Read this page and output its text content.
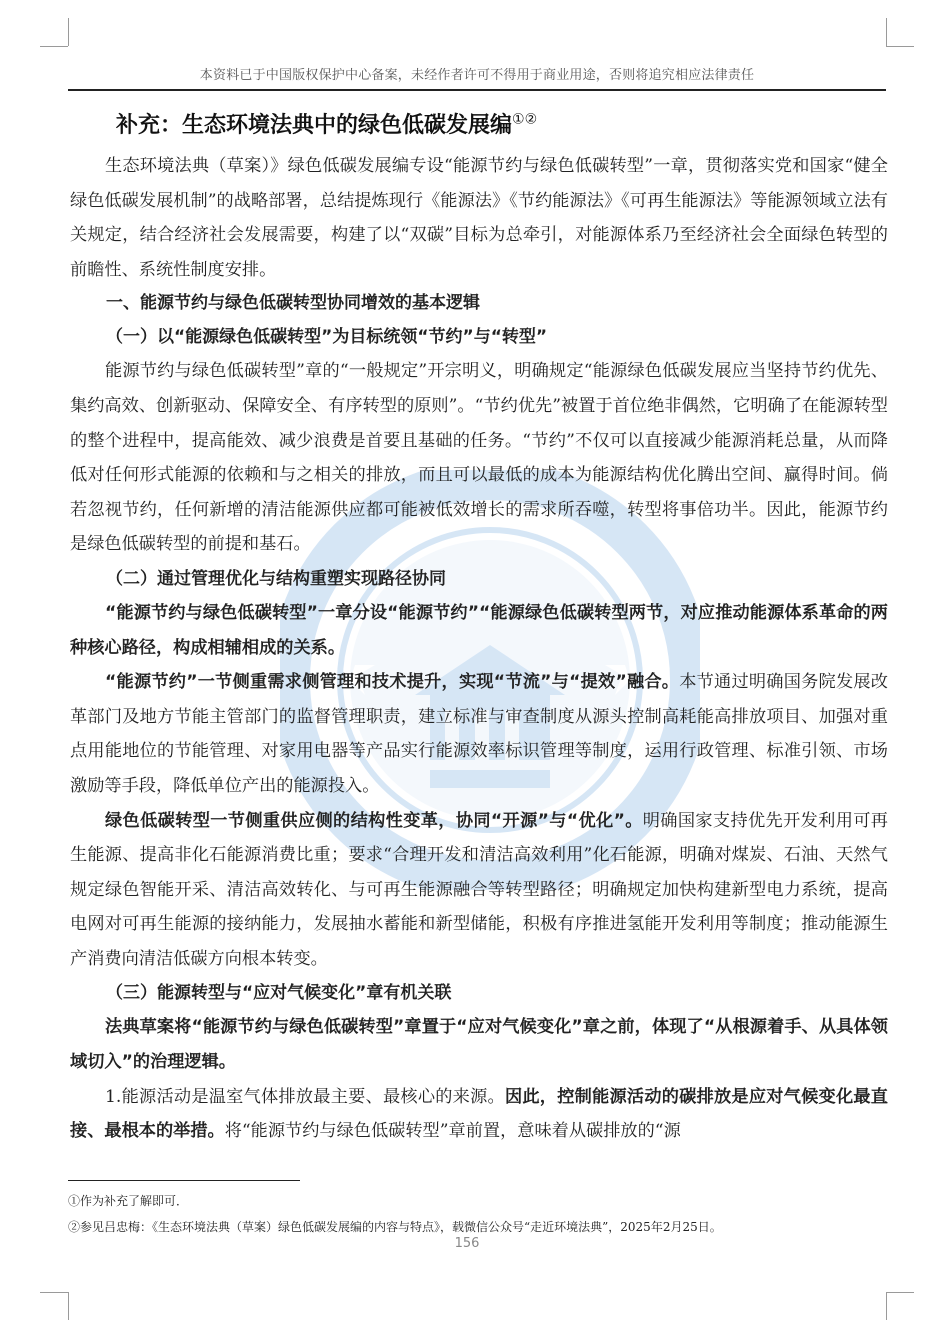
本资料已于中国版权保护中心备案，未经作者许可不得用于商业用途，否则将追究相应法律责任
补充：生态环境法典中的绿色低碳发展编①②

生态环境法典（草案）》绿色低碳发展编专设“能源节约与绿色低碳转型”一章，贯彻落实党和国家“健全绿色低碳发展机制”的战略部署，总结提炼现行《能源法》《节约能源法》《可再生能源法》等能源领域立法有关规定，结合经济社会发展需要，构建了以“双碳”目标为总牵引，对能源体系乃至经济社会全面绿色转型的前瞻性、系统性制度安排。

一、能源节约与绿色低碳转型协同增效的基本逻辑
（一）以“能源绿色低碳转型”为目标统领“节约”与“转型”

能源节约与绿色低碳转型”章的“一般规定”开宗明义，明确规定“能源绿色低碳发展应当坚持节约优先、集约高效、创新驱动、保障安全、有序转型的原则”。“节约优先”被置于首位绝非偶然，它明确了在能源转型的整个进程中，提高能效、减少浪费是首要且基础的任务。“节约”不仅可以直接减少能源消耗总量，从而降低对任何形式能源的依赖和与之相关的排放，而且可以最低的成本为能源结构优化腾出空间、赢得时间。倘若忽视节约，任何新增的清洁能源供应都可能被低效增长的需求所吞噬，转型将事倍功半。因此，能源节约是绿色低碳转型的前提和基石。

（二）通过管理优化与结构重塑实现路径协同

“能源节约与绿色低碳转型”一章分设“能源节约”“能源绿色低碳转型两节，对应推动能源体系革命的两种核心路径，构成相辅相成的关系。

“能源节约”一节侧重需求侧管理和技术提升，实现“节流”与“提效”融合。本节通过明确国务院发展改革部门及地方节能主管部门的监督管理职责，建立标准与审查制度从源头控制高耗能高排放项目、加强对重点用能地位的节能管理、对家用电器等产品实行能源效率标识管理等制度，运用行政管理、标准引领、市场激励等手段，降低单位产出的能源投入。

绿色低碳转型一节侧重供应侧的结构性变革，协同“开源”与“优化”。明确国家支持优先开发利用可再生能源、提高非化石能源消费比重；要求“合理开发和清洁高效利用”化石能源，明确对煤炭、石油、天然气规定绿色智能开采、清洁高效转化、与可再生能源融合等转型路径；明确规定加快构建新型电力系统，提高电网对可再生能源的接纳能力，发展抽水蓄能和新型储能，积极有序推进氢能开发利用等制度；推动能源生产消费向清洁低碳方向根本转变。

（三）能源转型与“应对气候变化”章有机关联

法典草案将“能源节约与绿色低碳转型”章置于“应对气候变化”章之前，体现了“从根源着手、从具体领域切入”的治理逻辑。

1.能源活动是温室气体排放最主要、最核心的来源。因此，控制能源活动的碳排放是应对气候变化最直接、最根本的举措。将“能源节约与绿色低碳转型”章前置，意味着从碳排放的“源

①作为补充了解即可．
②参见吕忠梅：《生态环境法典（草案）绿色低碳发展编的内容与特点》，载微信公众号“走近环境法典”，2025年2月25日。
156
